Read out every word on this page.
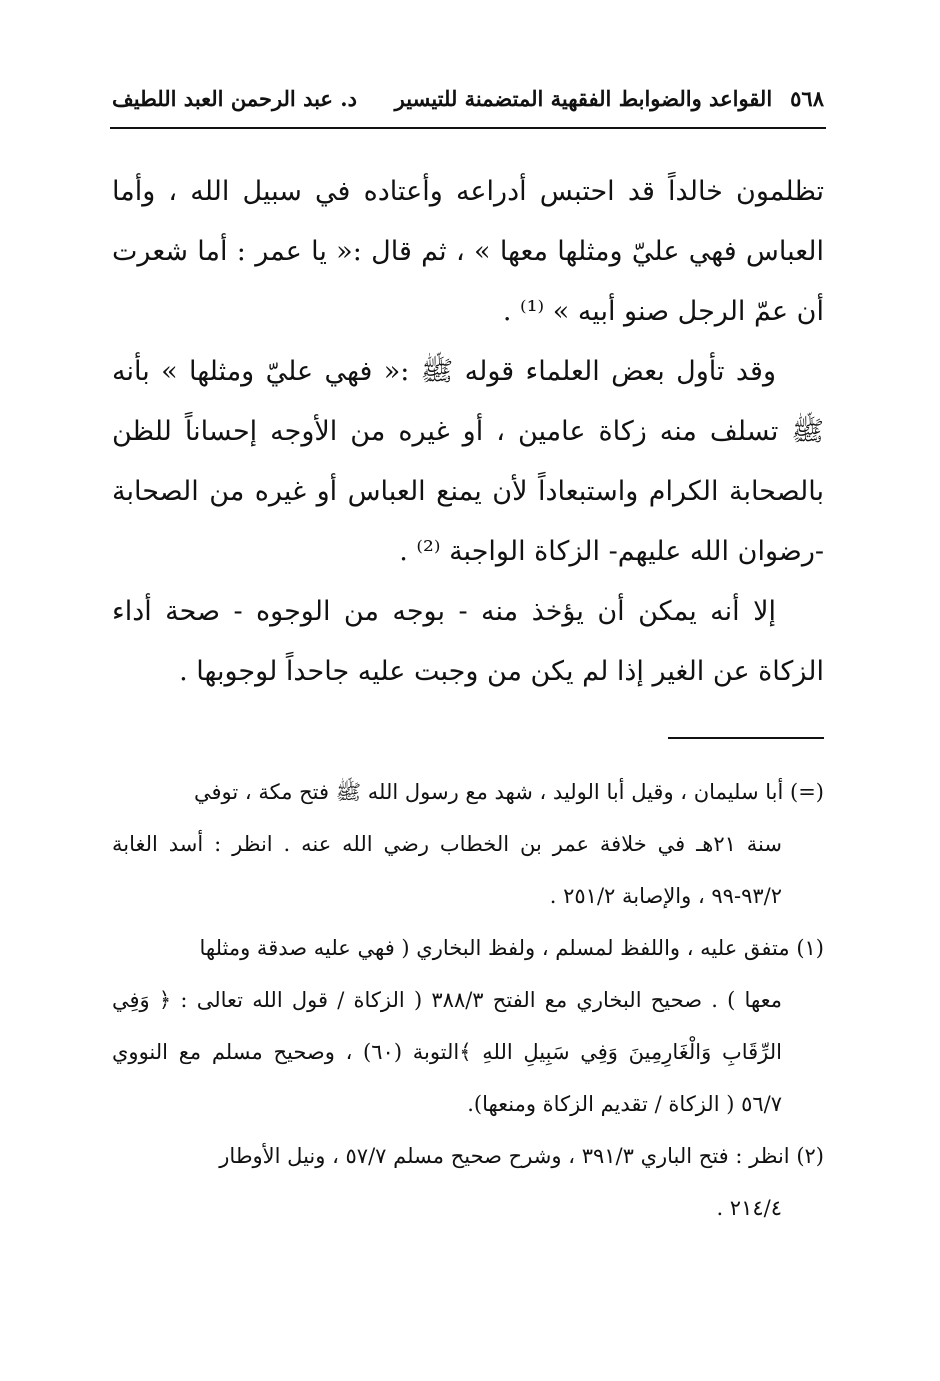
٥٦٨
القواعد والضوابط الفقهية المتضمنة للتيسير
د. عبد الرحمن العبد اللطيف

تظلمون خالداً قد احتبس أدراعه وأعتاده في سبيل الله ، وأما العباس فهي عليّ ومثلها معها » ، ثم قال :« يا عمر : أما شعرت أن عمّ الرجل صنو أبيه » ⁽¹⁾ .

وقد تأول بعض العلماء قوله ﷺ :« فهي عليّ ومثلها » بأنه ﷺ تسلف منه زكاة عامين ، أو غيره من الأوجه إحساناً للظن بالصحابة الكرام واستبعاداً لأن يمنع العباس أو غيره من الصحابة -رضوان الله عليهم- الزكاة الواجبة ⁽²⁾ .

إلا أنه يمكن أن يؤخذ منه - بوجه من الوجوه - صحة أداء الزكاة عن الغير إذا لم يكن من وجبت عليه جاحداً لوجوبها .

(=) أبا سليمان ، وقيل أبا الوليد ، شهد مع رسول الله ﷺ فتح مكة ، توفي

سنة ٢١هـ في خلافة عمر بن الخطاب رضي الله عنه . انظر : أسد الغابة ٩٣/٢-٩٩ ، والإصابة ٢٥١/٢ .

(١) متفق عليه ، واللفظ لمسلم ، ولفظ البخاري ( فهي عليه صدقة ومثلها

معها ) . صحيح البخاري مع الفتح ٣٨٨/٣ ( الزكاة / قول الله تعالى : ﴿ وَفِي الرِّقَابِ وَالْغَارِمِينَ وَفِي سَبِيلِ اللهِ ﴾التوبة (٦٠) ، وصحيح مسلم مع النووي ٥٦/٧ ( الزكاة / تقديم الزكاة ومنعها).

(٢) انظر : فتح الباري ٣٩١/٣ ، وشرح صحيح مسلم ٥٧/٧ ، ونيل الأوطار

٢١٤/٤ .
